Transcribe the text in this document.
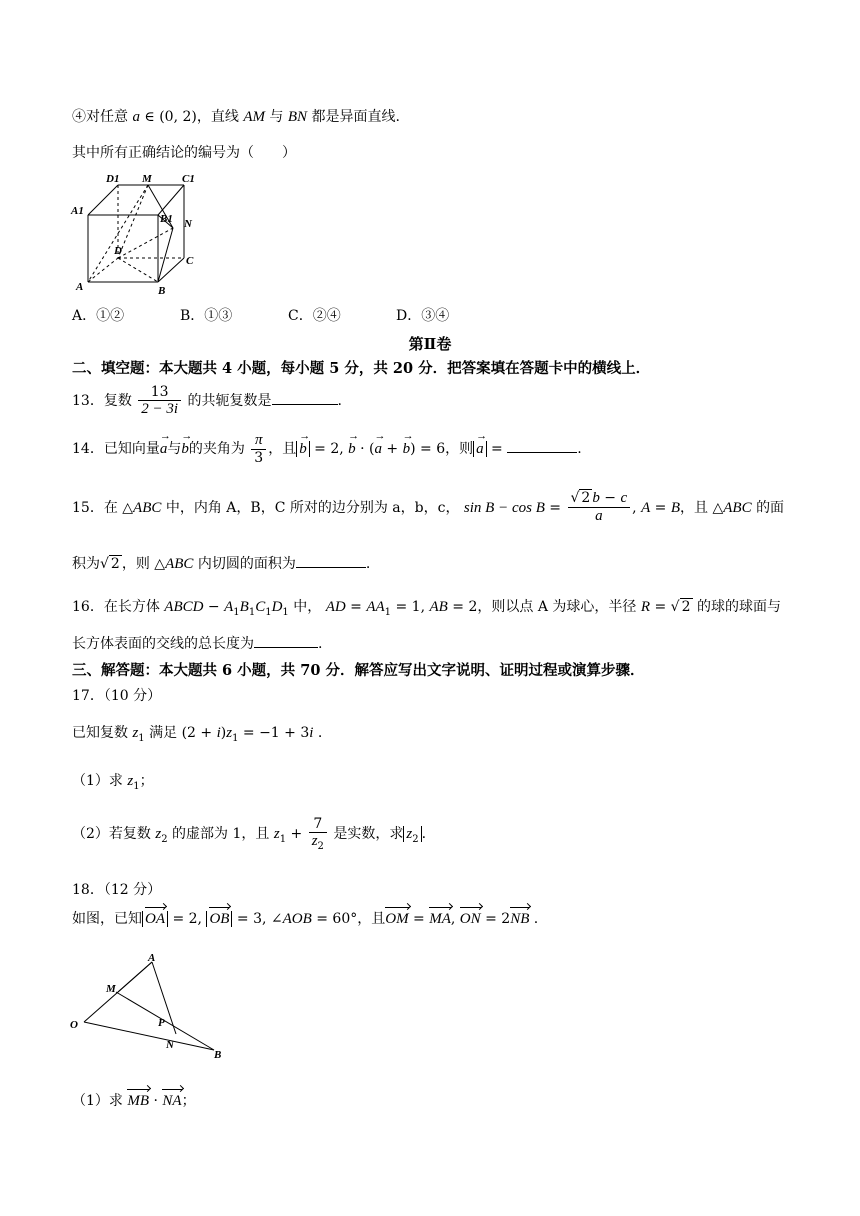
④对任意 a ∈ (0, 2)，直线 AM 与 BN 都是异面直线.
其中所有正确结论的编号为（　　）
D1 M	C1
A1
B1 N
D
C
A	B
A．①②	B．①③	C．②④	D．③④
第Ⅱ卷
二、填空题：本大题共 4 小题，每小题 5 分，共 20 分．把答案填在答题卡中的横线上．
13．复数 $\frac{13}{2 - 3i}$ 的共轭复数是	.
14．已知向量→ a与→ b的夹角为 $\frac{\pi}{3}$ ，且 → b = 2, → b · (→ a + → b) = 6，则 → a =	.
15．在 △ABC 中，内角 A，B，C 所对的边分别为 a，b，c， $\sin B - \cos B = \frac{√ 2 b - c}{a}$ , A = B，且 △ABC 的面
积为√ 2 ，则 △ABC 内切圆的面积为	.
16．在长方体 ABCD − $A_1B_1C_1D_1$ 中， AD = $AA_1 = 1$, AB = 2，则以点 A 为球心，半径 R = √ 2 的球的球面与
长方体表面的交线的总长度为	.
三、解答题：本大题共 6 小题，共 70 分．解答应写出文字说明、证明过程或演算步骤．
17．（10 分）
已知复数 $z_1$ 满足 $(2 + i)z_1 = -1 + 3i$ .
（1）求 $z_1$；
（2）若复数 $z_2$ 的虚部为 1，且 $z_1 + \frac{7}{z_2}$ 是实数，求 $z_2$ .
18．（12 分）
如图，已知 OA = 2, OB = 3, ∠AOB = 60°，且OM = MA, ON = 2NB .
A
M
O	P
N
B
（1）求 MB · NA；
